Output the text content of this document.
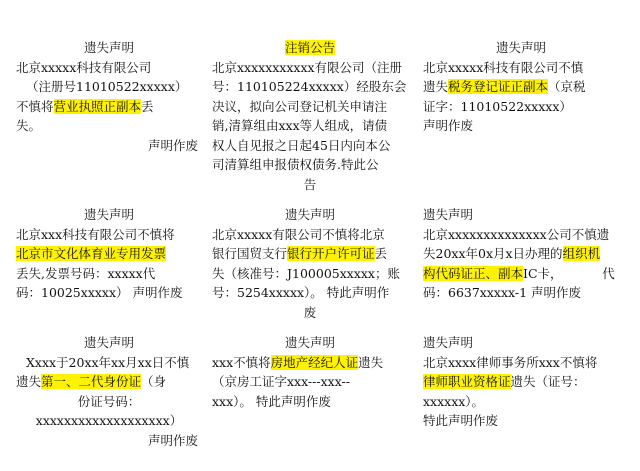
遗失声明

北京xxxxx科技有限公司

（注册号11010522xxxxx）

不慎将营业执照正副本丢

失。

声明作废

注销公告

北京xxxxxxxxxxx有限公司（注册

号：110105224xxxxx）经股东会

决议，拟向公司登记机关申请注

销,清算组由xxx等人组成，请债

权人自见报之日起45日内向本公

司清算组申报债权债务.特此公

告

遗失声明

北京xxxxx科技有限公司不慎

遗失税务登记证正副本（京税

证字：11010522xxxxx）

声明作废

遗失声明

北京xxx科技有限公司不慎将

北京市文化体育业专用发票

丢失,发票号码：xxxxx代

码：10025xxxxx） 声明作废

遗失声明

北京xxxxx有限公司不慎将北京

银行国贸支行银行开户许可证丢

失（核准号：J100005xxxxx；账

号：5254xxxxx）。 特此声明作

废

遗失声明

北京xxxxxxxxxxxxxx公司不慎遗

失20xx年0x月x日办理的组织机

构代码证正、副本IC卡，          代

码：6637xxxxx-1 声明作废

遗失声明

Xxxx于20xx年xx月xx日不慎

遗失第一、二代身份证（身

份证号码：

xxxxxxxxxxxxxxxxxxx）

声明作废

遗失声明

xxx不慎将房地产经纪人证遗失

（京房工证字xxx---xxx--

xxx）。 特此声明作废

遗失声明

北京xxxx律师事务所xxx不慎将

律师职业资格证遗失（证号：

xxxxxx）。

特此声明作废
